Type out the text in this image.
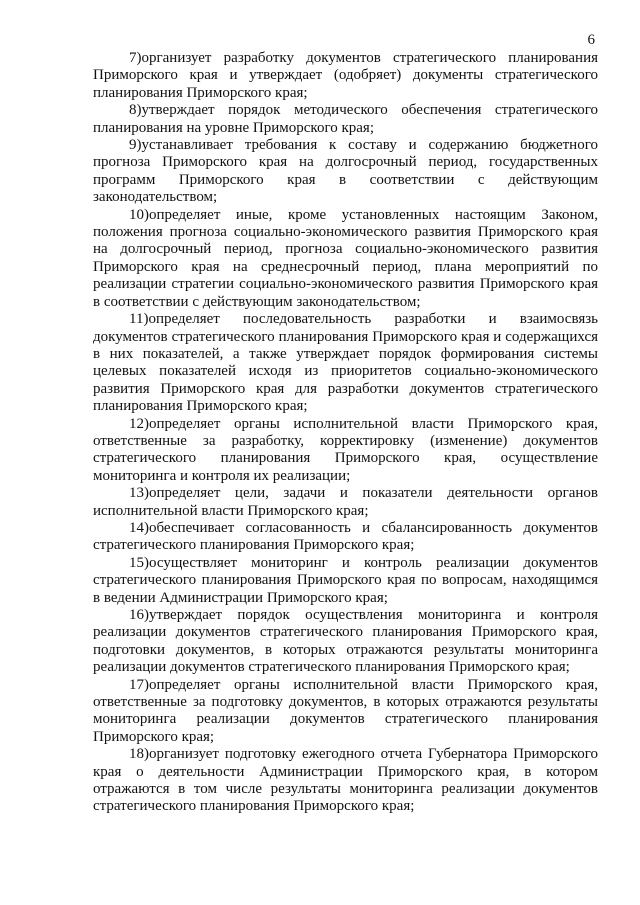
6

7)организует разработку документов стратегического планирования Приморского края и утверждает (одобряет) документы стратегического планирования Приморского края;

8)утверждает порядок методического обеспечения стратегического планирования на уровне Приморского края;

9)устанавливает требования к составу и содержанию бюджетного прогноза Приморского края на долгосрочный период, государственных программ Приморского края в соответствии с действующим законодательством;

10)определяет иные, кроме установленных настоящим Законом, положения прогноза социально-экономического развития Приморского края на долгосрочный период, прогноза социально-экономического развития Приморского края на среднесрочный период, плана мероприятий по реализации стратегии социально-экономического развития Приморского края в соответствии с действующим законодательством;

11)определяет последовательность разработки и взаимосвязь документов стратегического планирования Приморского края и содержащихся в них показателей, а также утверждает порядок формирования системы целевых показателей исходя из приоритетов социально-экономического развития Приморского края для разработки документов стратегического планирования Приморского края;

12)определяет органы исполнительной власти Приморского края, ответственные за разработку, корректировку (изменение) документов стратегического планирования Приморского края, осуществление мониторинга и контроля их реализации;

13)определяет цели, задачи и показатели деятельности органов исполнительной власти Приморского края;

14)обеспечивает согласованность и сбалансированность документов стратегического планирования Приморского края;

15)осуществляет мониторинг и контроль реализации документов стратегического планирования Приморского края по вопросам, находящимся в ведении Администрации Приморского края;

16)утверждает порядок осуществления мониторинга и контроля реализации документов стратегического планирования Приморского края, подготовки документов, в которых отражаются результаты мониторинга реализации документов стратегического планирования Приморского края;

17)определяет органы исполнительной власти Приморского края, ответственные за подготовку документов, в которых отражаются результаты мониторинга реализации документов стратегического планирования Приморского края;

18)организует подготовку ежегодного отчета Губернатора Приморского края о деятельности Администрации Приморского края, в котором отражаются в том числе результаты мониторинга реализации документов стратегического планирования Приморского края;
